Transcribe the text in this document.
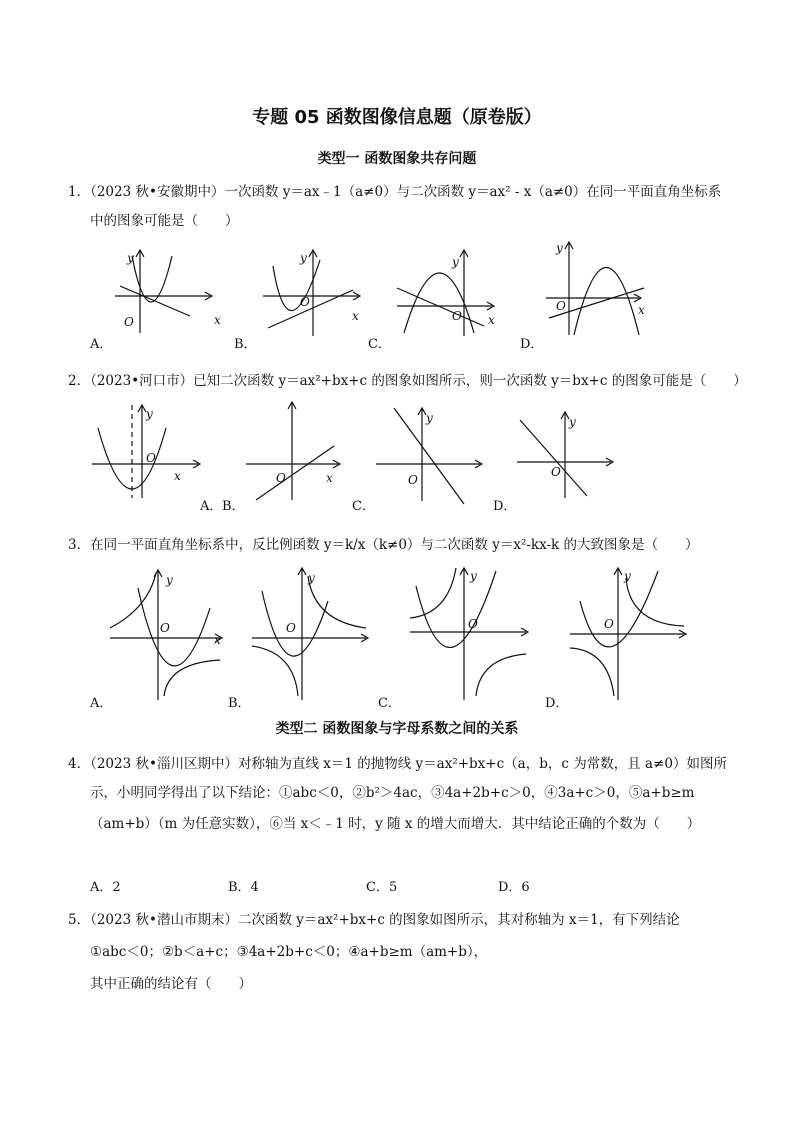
专题 05 函数图像信息题（原卷版）
1．（2023 秋•安徽期中）一次函数 y＝ax﹣1（a≠0）与二次函数 y＝ax² - x（a≠0）在同一平面直角坐标系
中的图象可能是（　　）
x
y
O	x
y
O
x
y
O	x
y
O
A．	B．	C．	D．
2．（2023•河口市）已知二次函数 y＝ax²+bx+c 的图象如图所示，则一次函数 y＝bx+c 的图象可能是（　　）
x
y
O
x
O
y
O
y
O
A． B．	C．	D．
3．在同一平面直角坐标系中，反比例函数 y＝k/x（k≠0）与二次函数 y＝x²-kx-k 的大致图象是（　　）
y
O
x
y
O
y
O
y
O
A．	B．	C．	D．
类型一 函数图象共存问题
类型二 函数图象与字母系数之间的关系
4．（2023 秋•淄川区期中）对称轴为直线 x＝1 的抛物线 y＝ax²+bx+c（a，b，c 为常数，且 a≠0）如图所
示，小明同学得出了以下结论：①abc＜0，②b²＞4ac，③4a+2b+c＞0，④3a+c＞0，⑤a+b≥m
（am+b）（m 为任意实数），⑥当 x＜﹣1 时，y 随 x 的增大而增大．其中结论正确的个数为（　　）
A．2	B．4	C．5	D．6
5．（2023 秋•潜山市期末）二次函数 y＝ax²+bx+c 的图象如图所示，其对称轴为 x＝1，有下列结论
①abc＜0；②b＜a+c；③4a+2b+c＜0；④a+b≥m（am+b），
其中正确的结论有（　　）
